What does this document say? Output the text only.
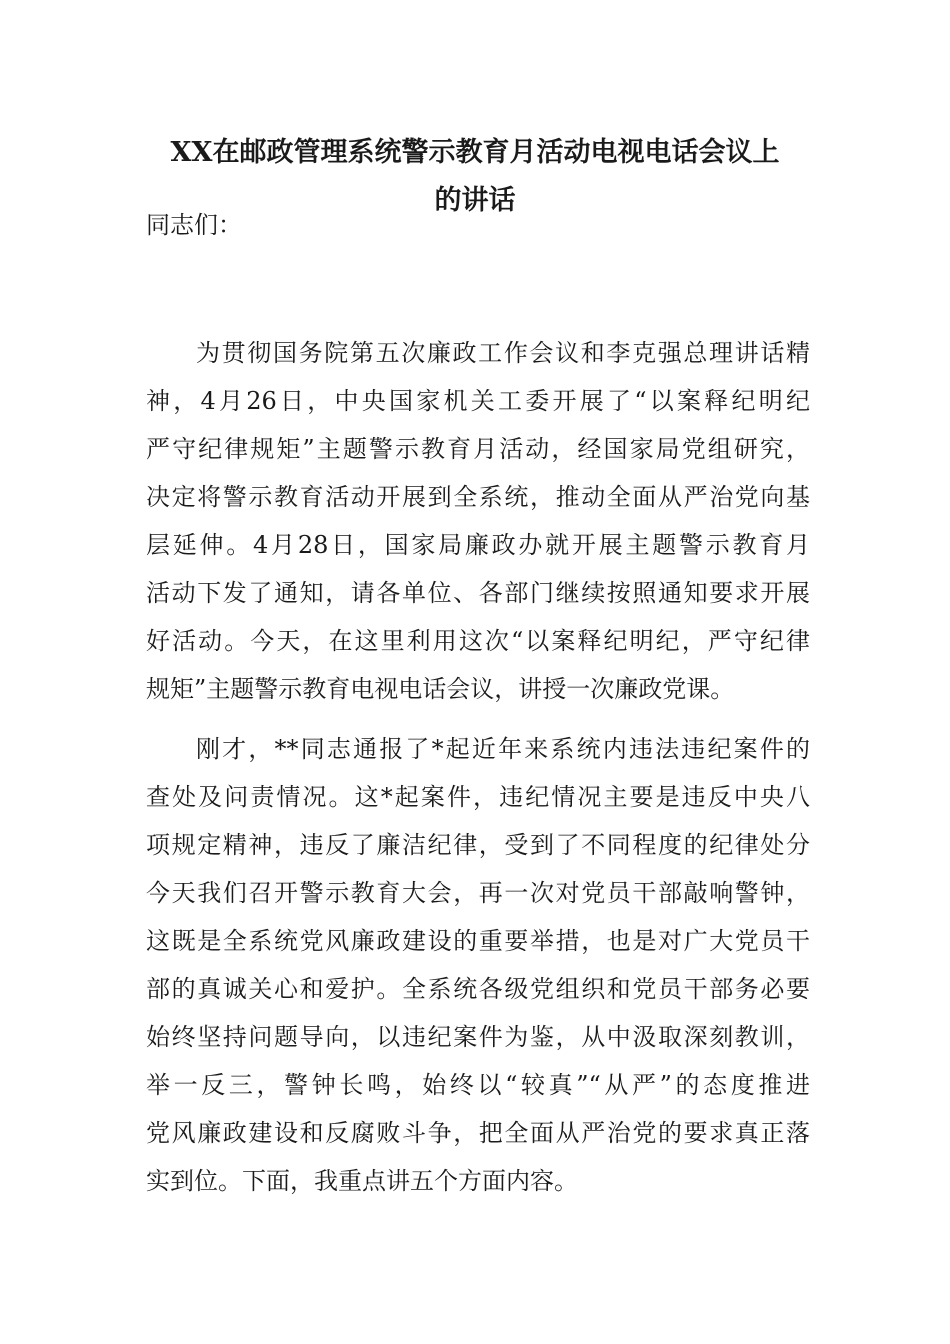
XX在邮政管理系统警示教育月活动电视电话会议上
的讲话

同志们：

为贯彻国务院第五次廉政工作会议和李克强总理讲话精
神，4月26日，中央国家机关工委开展了“以案释纪明纪
严守纪律规矩”主题警示教育月活动，经国家局党组研究，
决定将警示教育活动开展到全系统，推动全面从严治党向基
层延伸。4月28日，国家局廉政办就开展主题警示教育月
活动下发了通知，请各单位、各部门继续按照通知要求开展
好活动。今天，在这里利用这次“以案释纪明纪，严守纪律
规矩”主题警示教育电视电话会议，讲授一次廉政党课。
刚才，**同志通报了*起近年来系统内违法违纪案件的
查处及问责情况。这*起案件，违纪情况主要是违反中央八
项规定精神，违反了廉洁纪律，受到了不同程度的纪律处分
今天我们召开警示教育大会，再一次对党员干部敲响警钟，
这既是全系统党风廉政建设的重要举措，也是对广大党员干
部的真诚关心和爱护。全系统各级党组织和党员干部务必要
始终坚持问题导向，以违纪案件为鉴，从中汲取深刻教训，
举一反三，警钟长鸣，始终以“较真”“从严”的态度推进
党风廉政建设和反腐败斗争，把全面从严治党的要求真正落
实到位。下面，我重点讲五个方面内容。
